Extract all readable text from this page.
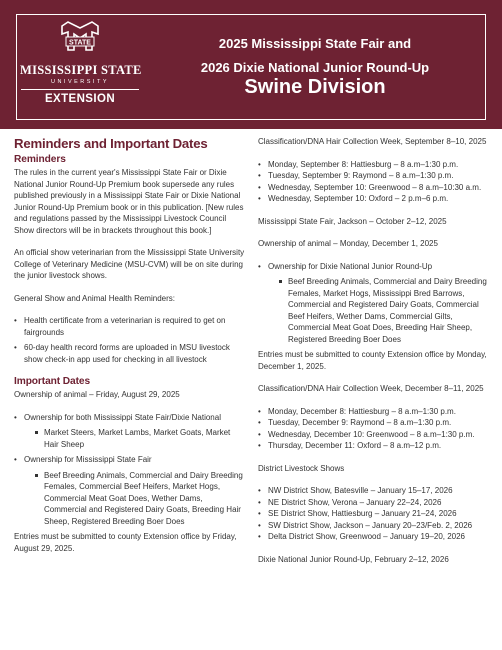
STATE
MISSISSIPPI STATE
UNIVERSITY
EXTENSION
2025 Mississippi State Fair and
2026 Dixie National Junior Round-Up
Swine Division
Reminders and Important Dates
Reminders

The rules in the current year's Mississippi State Fair or Dixie National Junior Round-Up Premium book supersede any rules published previously in a Mississippi State Fair or Dixie National Junior Round-Up Premium book or in this publication. [New rules and regulations passed by the Mississippi Livestock Council Show directors will be in brackets throughout this book.]

An official show veterinarian from the Mississippi State University College of Veterinary Medicine (MSU-CVM) will be on site during the junior livestock shows.

General Show and Animal Health Reminders:

• Health certificate from a veterinarian is required to get on fairgrounds
• 60-day health record forms are uploaded in MSU livestock show check-in app used for checking in all livestock
Important Dates

Ownership of animal – Friday, August 29, 2025

• Ownership for both Mississippi State Fair/Dixie National
Market Steers, Market Lambs, Market Goats, Market Hair Sheep
• Ownership for Mississippi State Fair
Beef Breeding Animals, Commercial and Dairy Breeding Females, Commercial Beef Heifers, Market Hogs, Commercial Meat Goat Does, Wether Dams, Commercial and Registered Dairy Goats, Breeding Hair Sheep, Registered Breeding Boer Does

Entries must be submitted to county Extension office by Friday, August 29, 2025.

Classification/DNA Hair Collection Week, September 8–10, 2025

• Monday, September 8: Hattiesburg – 8 a.m–1:30 p.m.
• Tuesday, September 9: Raymond – 8 a.m–1:30 p.m.
• Wednesday, September 10: Greenwood – 8 a.m–10:30 a.m.
• Wednesday, September 10: Oxford – 2 p.m–6 p.m.

Mississippi State Fair, Jackson – October 2–12, 2025

Ownership of animal – Monday, December 1, 2025

• Ownership for Dixie National Junior Round-Up
Beef Breeding Animals, Commercial and Dairy Breeding Females, Market Hogs, Mississippi Bred Barrows, Commercial and Registered Dairy Goats, Commercial Beef Heifers, Wether Dams, Commercial Gilts, Commercial Meat Goat Does, Breeding Hair Sheep, Registered Breeding Boer Does

Entries must be submitted to county Extension office by Monday, December 1, 2025.

Classification/DNA Hair Collection Week, December 8–11, 2025

• Monday, December 8: Hattiesburg – 8 a.m–1:30 p.m.
• Tuesday, December 9: Raymond – 8 a.m–1:30 p.m.
• Wednesday, December 10: Greenwood – 8 a.m–1:30 p.m.
• Thursday, December 11: Oxford – 8 a.m–12 p.m.

District Livestock Shows

• NW District Show, Batesville – January 15–17, 2026
• NE District Show, Verona – January 22–24, 2026
• SE District Show, Hattiesburg – January 21–24, 2026
• SW District Show, Jackson – January 20–23/Feb. 2, 2026
• Delta District Show, Greenwood – January 19–20, 2026

Dixie National Junior Round-Up, February 2–12, 2026
